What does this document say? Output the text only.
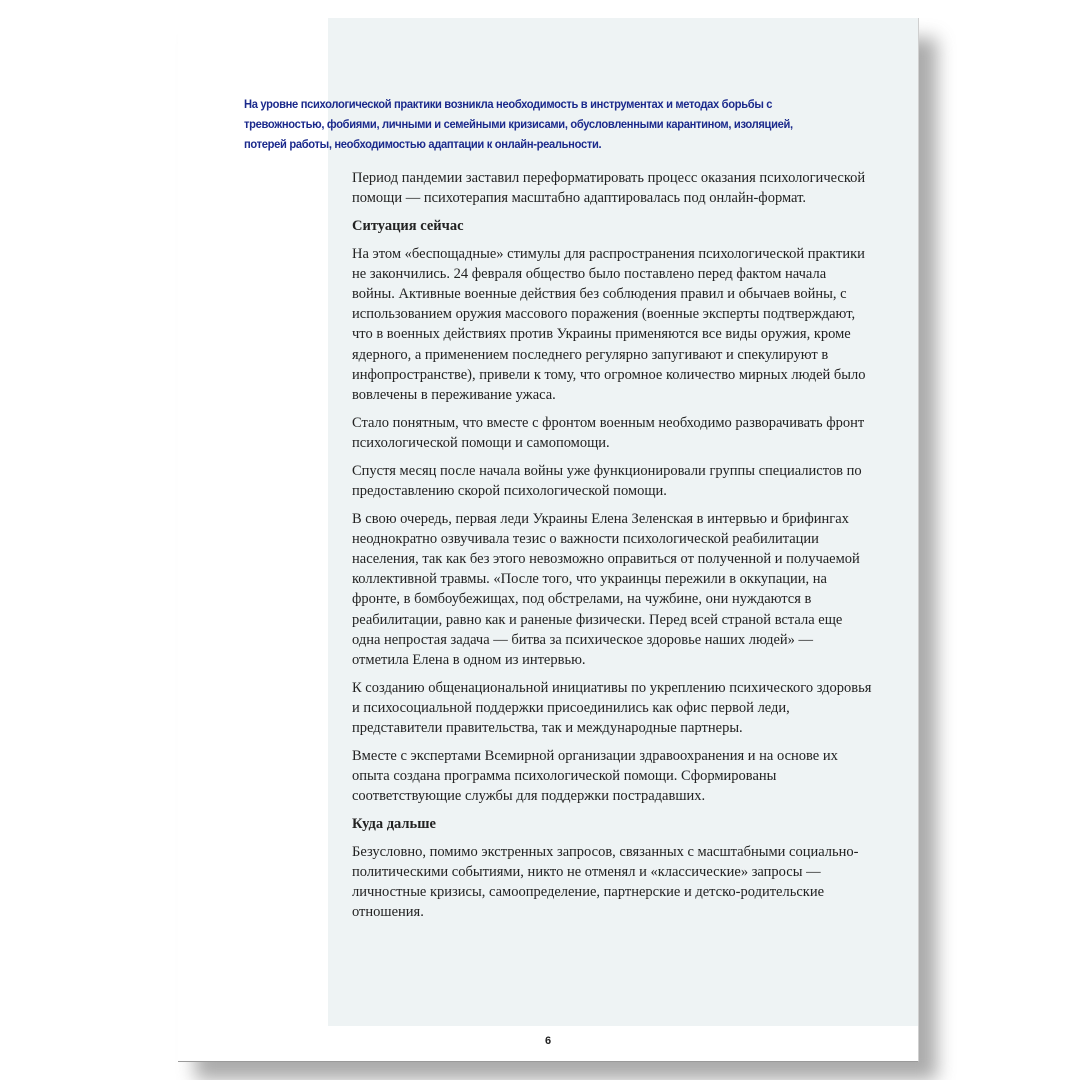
На уровне психологической практики возникла необходимость в инструментах и методах борьбы с тревожностью, фобиями, личными и семейными кризисами, обусловленными карантином, изоляцией, потерей работы, необходимостью адаптации к онлайн-реальности.

Период пандемии заставил переформатировать процесс оказания психологической помощи — психотерапия масштабно адаптировалась под онлайн-формат.

Ситуация сейчас

На этом «беспощадные» стимулы для распространения психологической практики не закончились. 24 февраля общество было поставлено перед фактом начала войны. Активные военные действия без соблюдения правил и обычаев войны, с использованием оружия массового поражения (военные эксперты подтверждают, что в военных действиях против Украины применяются все виды оружия, кроме ядерного, а применением последнего регулярно запугивают и спекулируют в инфопространстве), привели к тому, что огромное количество мирных людей было вовлечены в переживание ужаса.

Стало понятным, что вместе с фронтом военным необходимо разворачивать фронт психологической помощи и самопомощи.

Спустя месяц после начала войны уже функционировали группы специалистов по предоставлению скорой психологической помощи.

В свою очередь, первая леди Украины Елена Зеленская в интервью и брифингах неоднократно озвучивала тезис о важности психологической реабилитации населения, так как без этого невозможно оправиться от полученной и получаемой коллективной травмы. «После того, что украинцы пережили в оккупации, на фронте, в бомбоубежищах, под обстрелами, на чужбине, они нуждаются в реабилитации, равно как и раненые физически. Перед всей страной встала еще одна непростая задача — битва за психическое здоровье наших людей» — отметила Елена в одном из интервью.

К созданию общенациональной инициативы по укреплению психического здоровья и психосоциальной поддержки присоединились как офис первой леди, представители правительства, так и международные партнеры.

Вместе с экспертами Всемирной организации здравоохранения и на основе их опыта создана программа психологической помощи. Сформированы соответствующие службы для поддержки пострадавших.

Куда дальше

Безусловно, помимо экстренных запросов, связанных с масштабными социально-политическими событиями, никто не отменял и «классические» запросы — личностные кризисы, самоопределение, партнерские и детско-родительские отношения.

6
